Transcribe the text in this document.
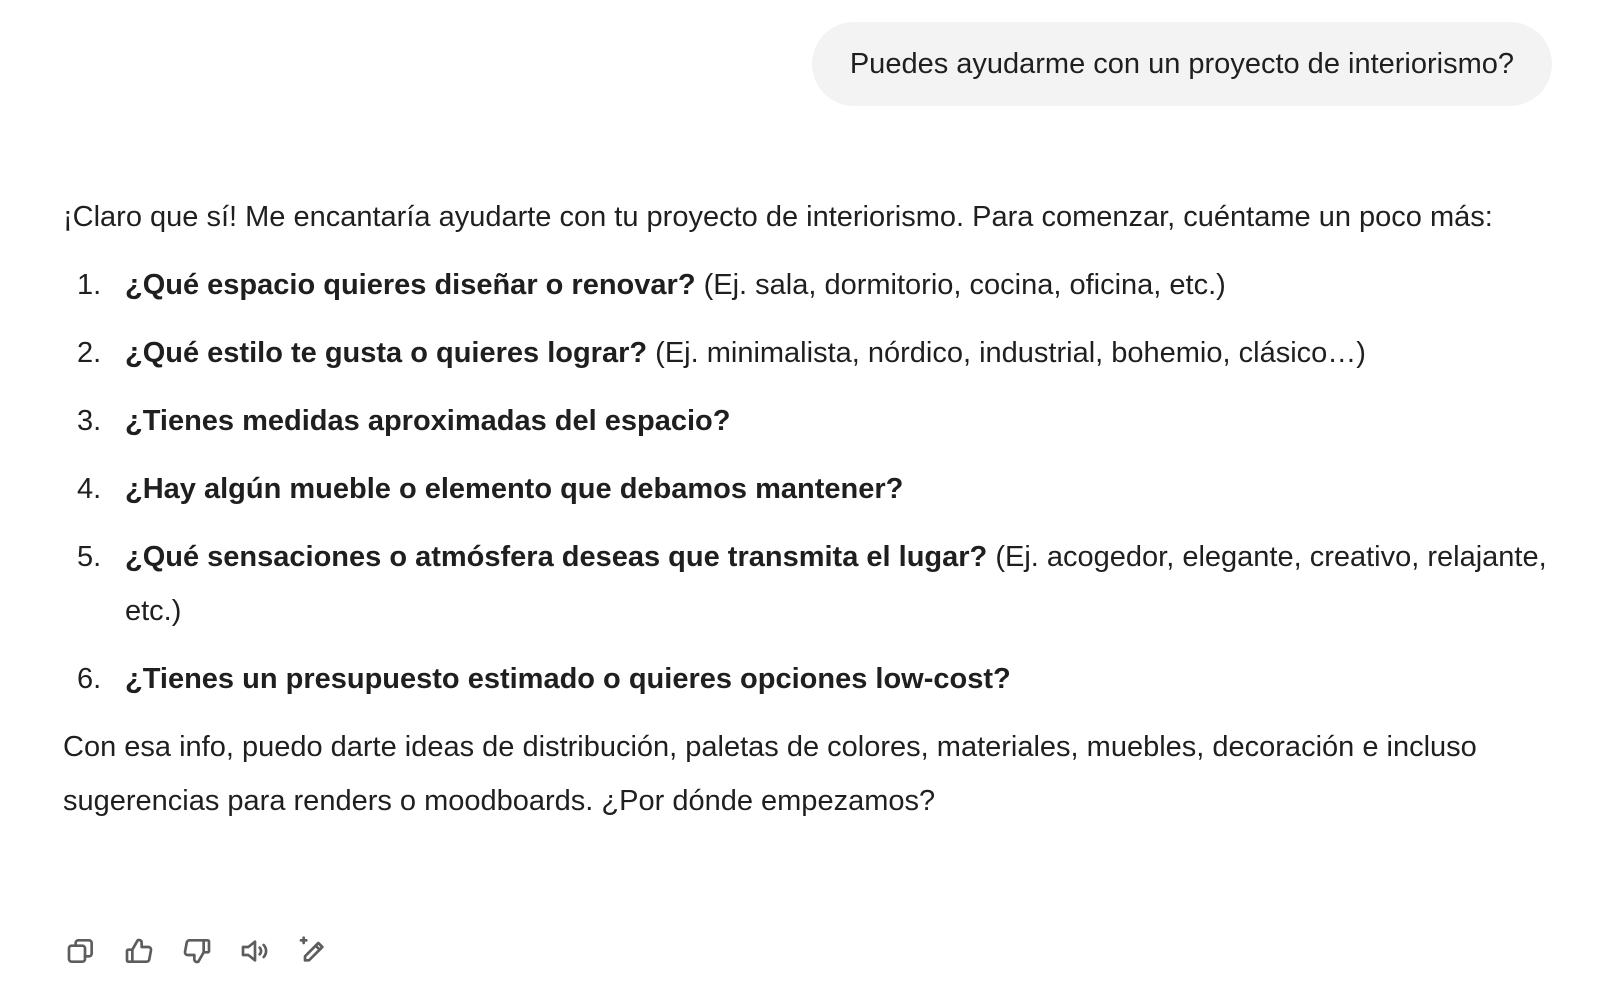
Puedes ayudarme con un proyecto de interiorismo?

¡Claro que sí! Me encantaría ayudarte con tu proyecto de interiorismo. Para comenzar, cuéntame un poco más:

1. ¿Qué espacio quieres diseñar o renovar? (Ej. sala, dormitorio, cocina, oficina, etc.)
2. ¿Qué estilo te gusta o quieres lograr? (Ej. minimalista, nórdico, industrial, bohemio, clásico…)
3. ¿Tienes medidas aproximadas del espacio?
4. ¿Hay algún mueble o elemento que debamos mantener?
5. ¿Qué sensaciones o atmósfera deseas que transmita el lugar? (Ej. acogedor, elegante, creativo, relajante, etc.)
6. ¿Tienes un presupuesto estimado o quieres opciones low-cost?

Con esa info, puedo darte ideas de distribución, paletas de colores, materiales, muebles, decoración e incluso sugerencias para renders o moodboards. ¿Por dónde empezamos?
